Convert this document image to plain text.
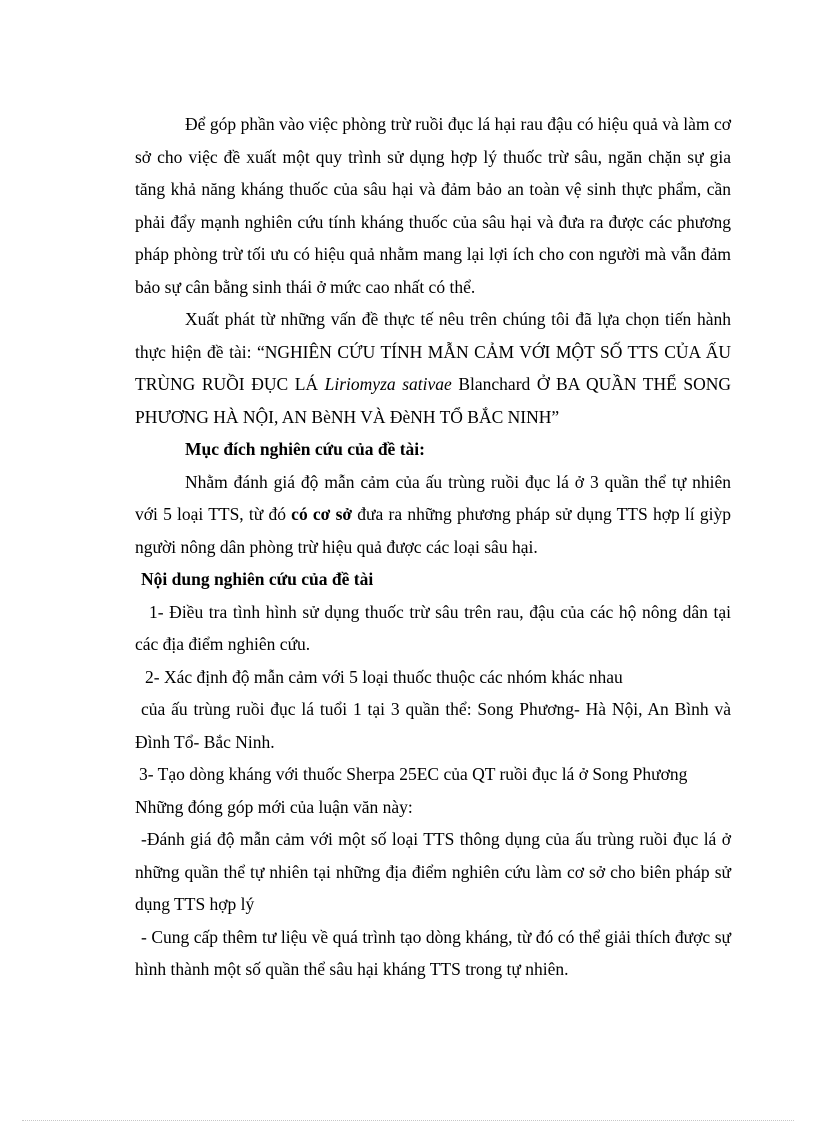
Để góp phần vào việc phòng trừ ruồi đục lá hại rau đậu có hiệu quả và làm cơ sở cho việc đề xuất một quy trình sử dụng hợp lý thuốc trừ sâu, ngăn chặn sự gia tăng khả năng kháng thuốc của sâu hại và đảm bảo an toàn vệ sinh thực phẩm, cần phải đẩy mạnh nghiên cứu tính kháng thuốc của sâu hại và đưa ra được các phương pháp phòng trừ tối ưu có hiệu quả nhằm mang lại lợi ích cho con người mà vẫn đảm bảo sự cân bằng sinh thái ở mức cao nhất có thể.

Xuất phát từ những vấn đề thực tế nêu trên chúng tôi đã lựa chọn tiến hành thực hiện đề tài: “NGHIÊN CỨU TÍNH MẪN CẢM VỚI MỘT SỐ TTS CỦA ẤU TRÙNG RUỒI ĐỤC LÁ Liriomyza sativae Blanchard Ở BA QUẦN THỂ SONG PHƯƠNG HÀ NỘI, AN BèNH VÀ ĐèNH TỔ BẮC NINH”

Mục đích nghiên cứu của đề tài:

Nhằm đánh giá độ mẫn cảm của ấu trùng ruồi đục lá ở 3 quần thể tự nhiên với 5 loại TTS, từ đó có cơ sở đưa ra những phương pháp sử dụng TTS hợp lí giỳp người nông dân phòng trừ hiệu quả được các loại sâu hại.

Nội dung nghiên cứu của đề tài

1- Điều tra tình hình sử dụng thuốc trừ sâu trên rau, đậu của các hộ nông dân tại các địa điểm nghiên cứu.

2- Xác định độ mẫn cảm với 5 loại thuốc thuộc các nhóm khác nhau

của ấu trùng ruồi đục lá tuổi 1 tại 3 quần thể: Song Phương- Hà Nội, An Bình và Đình Tổ- Bắc Ninh.

3- Tạo dòng kháng với thuốc Sherpa 25EC của QT ruồi đục lá ở Song Phương

Những đóng góp mới của luận văn này:

-Đánh giá độ mẫn cảm với một số loại TTS thông dụng của ấu trùng ruồi đục lá ở những quần thể tự nhiên tại những địa điểm nghiên cứu làm cơ sở cho biên pháp sử dụng TTS hợp lý

- Cung cấp thêm tư liệu về quá trình tạo dòng kháng, từ đó có thể giải thích được sự hình thành một số quần thể sâu hại kháng TTS trong tự nhiên.
